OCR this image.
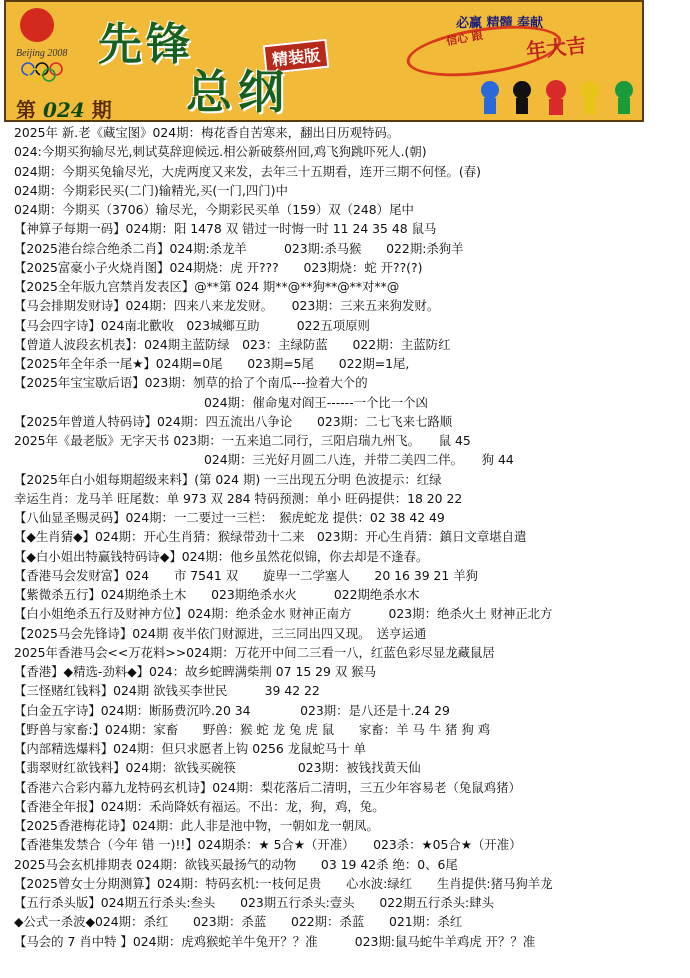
Beijing 2008 先锋	精装版
总纲
第 024 期
必赢 精髓 奉献
信心 跟 年大吉
2025年 新.老《藏宝图》024期：梅花香自苦寒来，翻出日历观特码。
024:今期买狗输尽光,刺试莫辞迎候远.相公新破蔡州回,鸡飞狗跳吓死人.(朝)
024期：今期买兔输尽光，大虎两度又来发，去年三十五期看，连开三期不何怪。(春)
024期：今期彩民买(二门)输精光,买(一门,四门)中
024期：今期买（3706）输尽光，今期彩民买单（159）双（248）尾中
【神算子每期一码】024期：阳 1478 双 错过一时悔一时 11 24 35 48 鼠马
【2025港台综合绝杀二肖】024期:杀龙羊　　　023期:杀马猴　　022期:杀狗羊
【2025富豪小子火烧肖图】024期烧：虎 开???　　023期烧：蛇 开??(?)
【2025全年版九宫禁肖发表区】@**第 024 期**@**狗**@**对**@
【马会排期发财诗】024期：四来八来龙发财。　　023期：三来五来狗发财。
【马会四字诗】024南北歡收　023城鄉互助　　　022五项原则
【曾道人波段玄机表】：024期主蓝防绿　023：主绿防蓝　　022期：主蓝防红
【2025年全年杀一尾★】024期=0尾　　023期=5尾　　022期=1尾,
【2025年宝宝歇后语】023期：刎草的拾了个南瓜---捡着大个的
024期：催命鬼对阎王------一个比一个凶
【2025年曾道人特码诗】024期：四五流出八争论　　023期：二七飞来七路顺
2025年《最老版》无字天书 023期：一五来追二同行，三阳启瑞九州飞。　　鼠 45
024期：三光好月圆二八连，并带二美四二伴。　　狗 44
【2025年白小姐每期超级来料】(第 024 期) 一三出现五分明 色波提示：红绿
幸运生肖：龙马羊 旺尾数：单 973 双 284 特码预测：单小 旺码提供：18 20 22
【八仙显圣赐灵码】024期：一二要过一三栏：　猴虎蛇龙 提供：02 38 42 49
【◆生肖猜◆】024期：开心生肖猜：猴绿带劲十二来　023期：开心生肖猜：鎮日文章堪自遣
【◆白小姐出特赢钱特码诗◆】024期：他乡虽然花似锦，你去却是不逢春。
【香港马会发财富】024　　市 7541 双　　旋卑一二学塞人　　20 16 39 21 羊狗
【紫微杀五行】024期绝杀土木　　023期绝杀水火　　　022期绝杀水木
【白小姐绝杀五行及财神方位】024期：绝杀金水 财神正南方　　　023期：绝杀火土 财神正北方
【2025马会先锋诗】024期 夜半依门财源进，三三同出四又现。　送亨运通
2025年香港马会<<万花料>>024期：万花开中间二三看一八，红蓝色彩尽显龙藏鼠居
【香港】◆精选-劲料◆】024：故乡蛇睥满柴荆 07 15 29 双 猴马
【三怪赌红钱料】024期 欲钱买李世民　　　39 42 22
【白金五字诗】024期：断肠费沉吟.20 34　　　　023期：是八还是十.24 29
【野兽与家畜:】024期：家畜　　野兽：猴 蛇 龙 兔 虎 鼠　　家畜：羊 马 牛 猪 狗 鸡
【内部精选爆料】024期：但只求愿者上钩 0256 龙鼠蛇马十 单
【翡翠财红欲钱料】024期：欲钱买碗筷　　　　　023期：被钱找黄天仙
【香港六合彩内幕九龙特码玄机诗】024期：梨花落后二清明，三五少年容易老（兔鼠鸡猪）
【香港全年报】024期：禾尚降妖有福运。不出：龙，狗，鸡，兔。
【2025香港梅花诗】024期：此人非是池中物，一朝如龙一朝凤。
【香港集发禁合（今年 错 一)!!】024期杀：★ 5合★（开准）　　023杀：★05合★（开准）
2025马会玄机排期表 024期：欲钱买最扬气的动物　　03 19 42杀 绝：0、6尾
【2025曾女士分期测算】024期：特码玄机:一枝何足贵　　心水波:绿红　　生肖提供:猪马狗羊龙
【五行杀头版】024期五行杀头:叁头　　023期五行杀头:壹头　　022期五行杀头:肆头
◆公式一杀波◆024期：杀红　　023期：杀蓝　　022期：杀蓝　　021期：杀红
【马会的 7 肖中特 】024期：虎鸡猴蛇羊牛兔开？？准　　　023期:鼠马蛇牛羊鸡虎 开？？准
